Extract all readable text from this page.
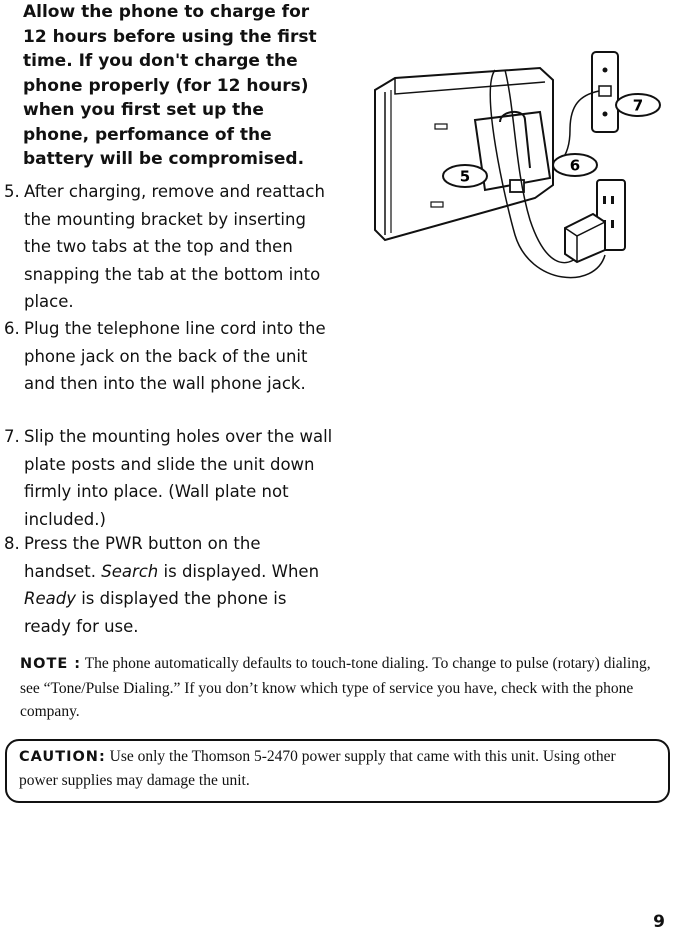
Allow the phone to charge for 12 hours before using the first time. If you don't charge the phone properly (for 12 hours) when you first set up the phone, perfomance of the battery will be compromised.
5. After charging, remove and reattach the mounting bracket by inserting the two tabs at the top and then snapping the tab at the bottom into place.
6. Plug the telephone line cord into the phone jack on the back of the unit and then into the wall phone jack.
7. Slip the mounting holes over the wall plate posts and slide the unit down firmly into place. (Wall plate not included.)
8. Press the PWR button on the handset. Search is displayed. When Ready is displayed the phone is ready for use.
NOTE : The phone automatically defaults to touch-tone dialing. To change to pulse (rotary) dialing, see “Tone/Pulse Dialing.” If you don’t know which type of service you have, check with the phone company.
CAUTION: Use only the Thomson 5-2470 power supply that came with this unit. Using other power supplies may damage the unit.
9
7
6
5
